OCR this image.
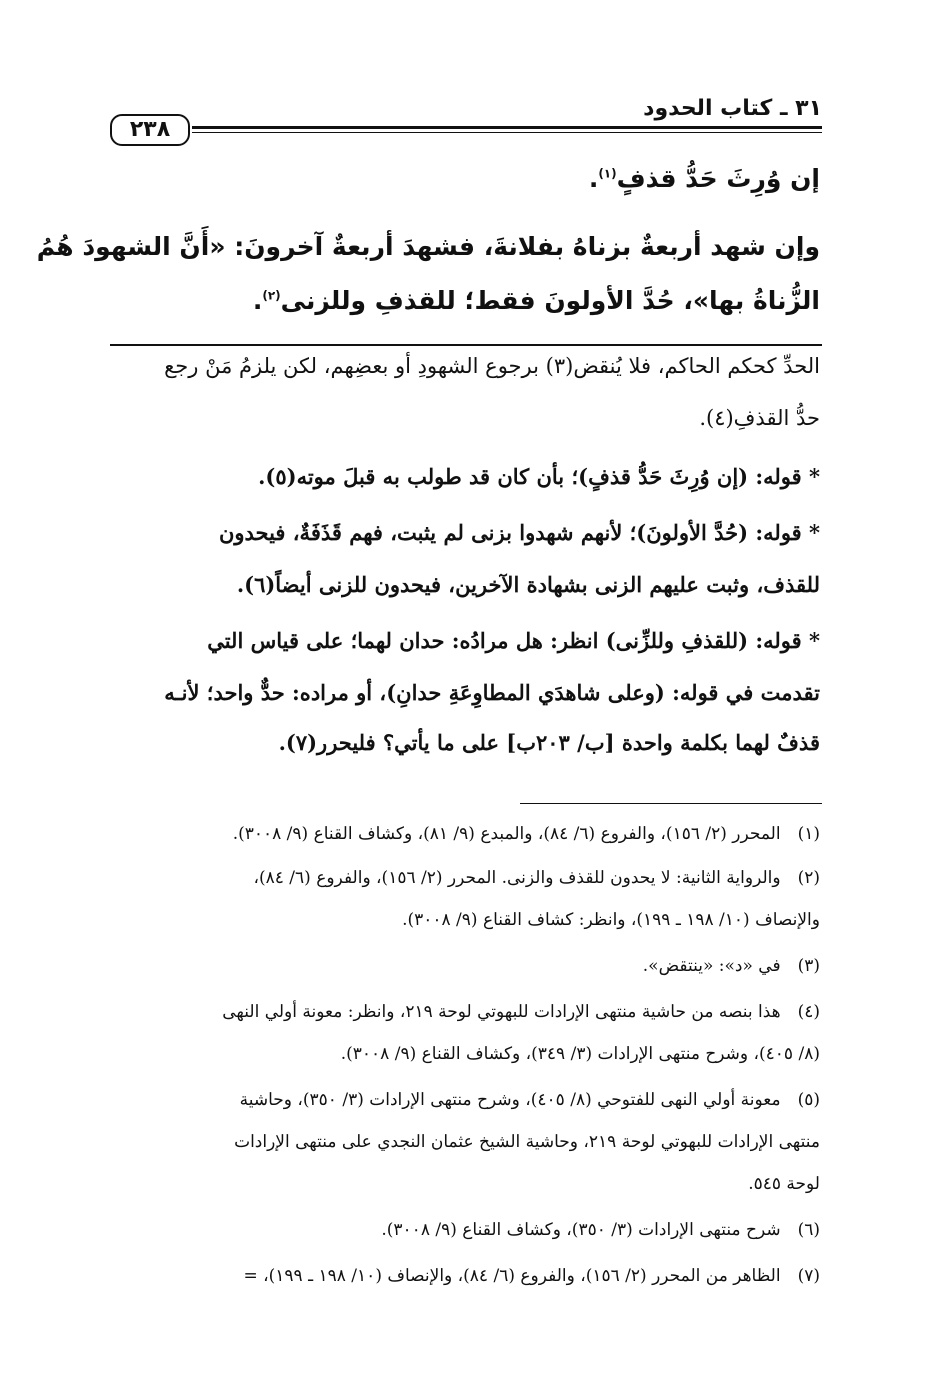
٣١ ـ كتاب الحدود
٢٣٨
إن وُرِثَ حَدُّ قذفٍ$^{(١)}$.
وإن شهد أربعةٌ بزناهُ بفلانةَ، فشهدَ أربعةٌ آخرونَ: «أَنَّ الشهودَ هُمُ
الزُّناةُ بها»، حُدَّ الأولونَ فقط؛ للقذفِ وللزنى$^{(٢)}$.
الحدِّ كحكم الحاكم، فلا يُنقض(٣) برجوع الشهودِ أو بعضِهم، لكن يلزمُ مَنْ رجع
حدُّ القذفِ(٤).
* قوله: (إن وُرِثَ حَدُّ قذفٍ)؛ بأن كان قد طولب به قبلَ موته(٥).
* قوله: (حُدَّ الأولونَ)؛ لأنهم شهدوا بزنى لم يثبت، فهم قَذَفَةٌ، فيحدون
للقذف، وثبت عليهم الزنى بشهادة الآخرين، فيحدون للزنى أيضاً(٦).
* قوله: (للقذفِ وللزِّنى) انظر: هل مرادُه: حدان لهما؛ على قياس التي
تقدمت في قوله: (وعلى شاهدَي المطاوِعَةِ حدانِ)، أو مراده: حدٌّ واحد؛ لأنـه
قذفٌ لهما بكلمة واحدة [ب/ ٢٠٣ب] على ما يأتي؟ فليحرر(٧).
(١) المحرر (٢/ ١٥٦)، والفروع (٦/ ٨٤)، والمبدع (٩/ ٨١)، وكشاف القناع (٩/ ٣٠٠٨).
(٢) والرواية الثانية: لا يحدون للقذف والزنى. المحرر (٢/ ١٥٦)، والفروع (٦/ ٨٤)،
والإنصاف (١٠/ ١٩٨ ـ ١٩٩)، وانظر: كشاف القناع (٩/ ٣٠٠٨).
(٣) في «د»: «ينتقض».
(٤) هذا بنصه من حاشية منتهى الإرادات للبهوتي لوحة ٢١٩، وانظر: معونة أولي النهى
(٨/ ٤٠٥)، وشرح منتهى الإرادات (٣/ ٣٤٩)، وكشاف القناع (٩/ ٣٠٠٨).
(٥) معونة أولي النهى للفتوحي (٨/ ٤٠٥)، وشرح منتهى الإرادات (٣/ ٣٥٠)، وحاشية
منتهى الإرادات للبهوتي لوحة ٢١٩، وحاشية الشيخ عثمان النجدي على منتهى الإرادات
لوحة ٥٤٥.
(٦) شرح منتهى الإرادات (٣/ ٣٥٠)، وكشاف القناع (٩/ ٣٠٠٨).
(٧) الظاهر من المحرر (٢/ ١٥٦)، والفروع (٦/ ٨٤)، والإنصاف (١٠/ ١٩٨ ـ ١٩٩)، =
